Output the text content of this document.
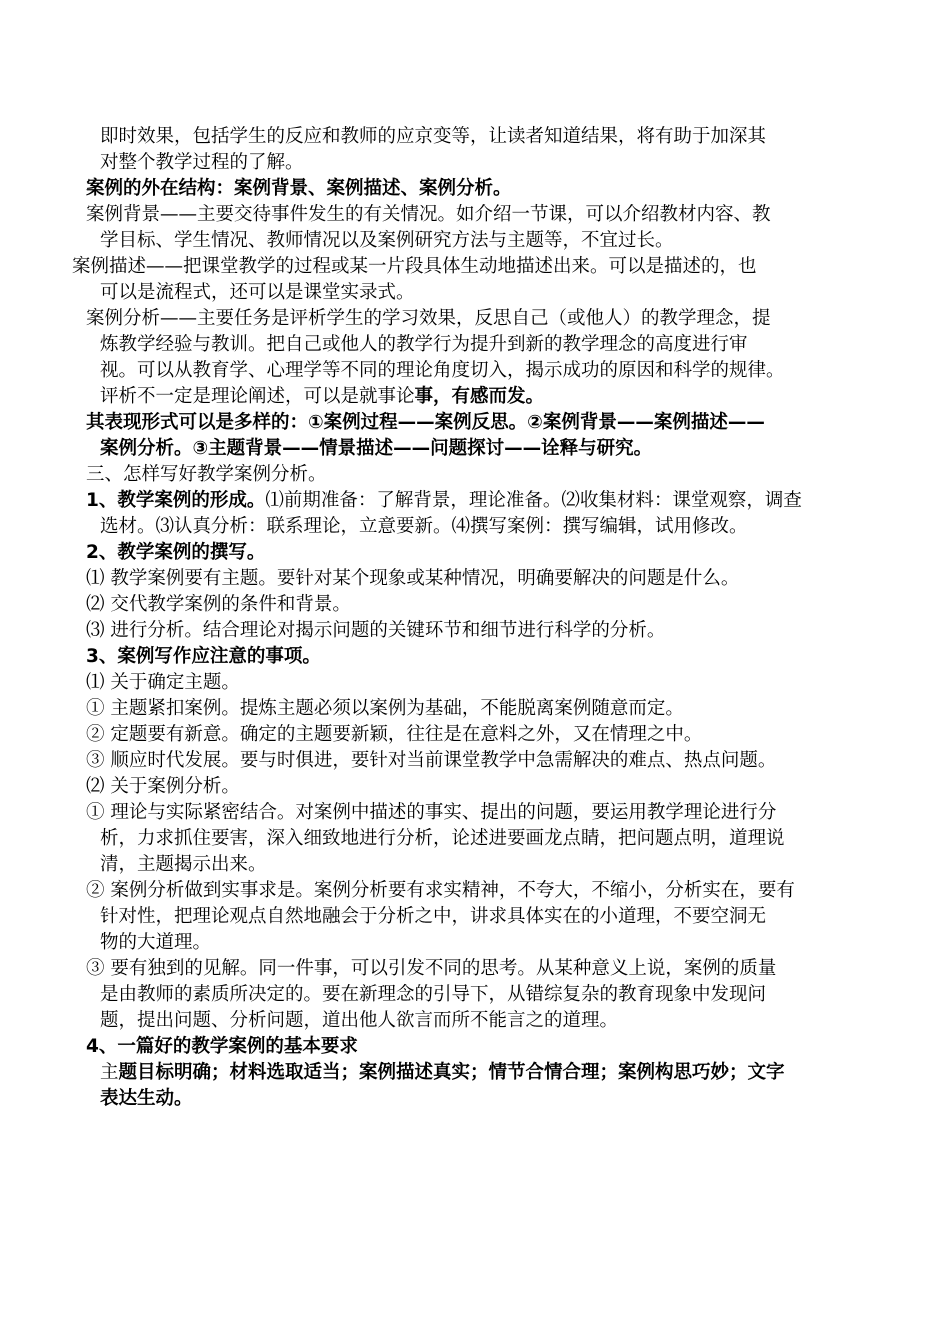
即时效果，包括学生的反应和教师的应京变等，让读者知道结果，将有助于加深其
对整个教学过程的了解。
案例的外在结构：案例背景、案例描述、案例分析。
案例背景——主要交待事件发生的有关情况。如介绍一节课，可以介绍教材内容、教
学目标、学生情况、教师情况以及案例研究方法与主题等，不宜过长。
案例描述——把课堂教学的过程或某一片段具体生动地描述出来。可以是描述的，也
可以是流程式，还可以是课堂实录式。
案例分析——主要任务是评析学生的学习效果，反思自己（或他人）的教学理念，提
炼教学经验与教训。把自己或他人的教学行为提升到新的教学理念的高度进行审
视。可以从教育学、心理学等不同的理论角度切入，揭示成功的原因和科学的规律。
评析不一定是理论阐述，可以是就事论事，有感而发。
其表现形式可以是多样的：①案例过程——案例反思。②案例背景——案例描述——
案例分析。③主题背景——情景描述——问题探讨——诠释与研究。
三、怎样写好教学案例分析。
1、教学案例的形成。⑴前期准备：了解背景，理论准备。⑵收集材料：课堂观察，调查
选材。⑶认真分析：联系理论，立意要新。⑷撰写案例：撰写编辑，试用修改。
2、教学案例的撰写。
⑴ 教学案例要有主题。要针对某个现象或某种情况，明确要解决的问题是什么。
⑵ 交代教学案例的条件和背景。
⑶ 进行分析。结合理论对揭示问题的关键环节和细节进行科学的分析。
3、案例写作应注意的事项。
⑴ 关于确定主题。
① 主题紧扣案例。提炼主题必须以案例为基础，不能脱离案例随意而定。
② 定题要有新意。确定的主题要新颖，往往是在意料之外，又在情理之中。
③ 顺应时代发展。要与时俱进，要针对当前课堂教学中急需解决的难点、热点问题。
⑵ 关于案例分析。
① 理论与实际紧密结合。对案例中描述的事实、提出的问题，要运用教学理论进行分
析，力求抓住要害，深入细致地进行分析，论述进要画龙点睛，把问题点明，道理说
清，主题揭示出来。
② 案例分析做到实事求是。案例分析要有求实精神，不夸大，不缩小，分析实在，要有
针对性，把理论观点自然地融会于分析之中，讲求具体实在的小道理，不要空洞无
物的大道理。
③ 要有独到的见解。同一件事，可以引发不同的思考。从某种意义上说，案例的质量
是由教师的素质所决定的。要在新理念的引导下，从错综复杂的教育现象中发现问
题，提出问题、分析问题，道出他人欲言而所不能言之的道理。
4、一篇好的教学案例的基本要求
主题目标明确；材料选取适当；案例描述真实；情节合情合理；案例构思巧妙；文字
表达生动。
